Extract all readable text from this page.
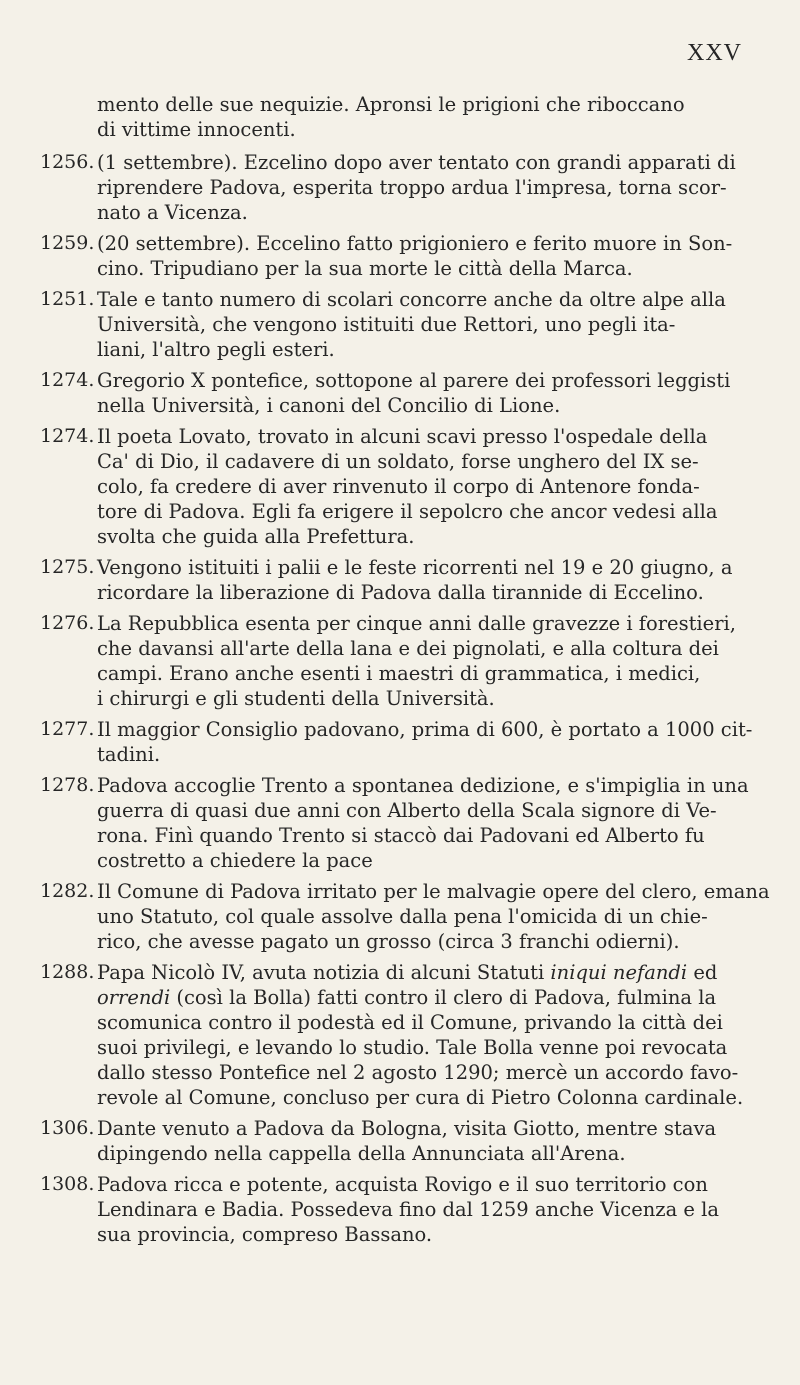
XXV

mento delle sue nequizie. Apronsi le prigioni che riboccano

di vittime innocenti.

1256. (1 settembre). Ezcelino dopo aver tentato con grandi apparati di
riprendere Padova, esperita troppo ardua l'impresa, torna scor-
nato a Vicenza.
1259. (20 settembre). Eccelino fatto prigioniero e ferito muore in Son-
cino. Tripudiano per la sua morte le città della Marca.
1251. Tale e tanto numero di scolari concorre anche da oltre alpe alla
Università, che vengono istituiti due Rettori, uno pegli ita-
liani, l'altro pegli esteri.
1274. Gregorio X pontefice, sottopone al parere dei professori leggisti
nella Università, i canoni del Concilio di Lione.
1274. Il poeta Lovato, trovato in alcuni scavi presso l'ospedale della
Ca' di Dio, il cadavere di un soldato, forse unghero del IX se-
colo, fa credere di aver rinvenuto il corpo di Antenore fonda-
tore di Padova. Egli fa erigere il sepolcro che ancor vedesi alla
svolta che guida alla Prefettura.
1275. Vengono istituiti i palii e le feste ricorrenti nel 19 e 20 giugno, a
ricordare la liberazione di Padova dalla tirannide di Eccelino.
1276. La Repubblica esenta per cinque anni dalle gravezze i forestieri,
che davansi all'arte della lana e dei pignolati, e alla coltura dei
campi. Erano anche esenti i maestri di grammatica, i medici,
i chirurgi e gli studenti della Università.
1277. Il maggior Consiglio padovano, prima di 600, è portato a 1000 cit-
tadini.
1278. Padova accoglie Trento a spontanea dedizione, e s'impiglia in una
guerra di quasi due anni con Alberto della Scala signore di Ve-
rona. Finì quando Trento si staccò dai Padovani ed Alberto fu
costretto a chiedere la pace
1282. Il Comune di Padova irritato per le malvagie opere del clero, emana
uno Statuto, col quale assolve dalla pena l'omicida di un chie-
rico, che avesse pagato un grosso (circa 3 franchi odierni).
1288. Papa Nicolò IV, avuta notizia di alcuni Statuti iniqui nefandi ed
orrendi (così la Bolla) fatti contro il clero di Padova, fulmina la
scomunica contro il podestà ed il Comune, privando la città dei
suoi privilegi, e levando lo studio. Tale Bolla venne poi revocata
dallo stesso Pontefice nel 2 agosto 1290; mercè un accordo favo-
revole al Comune, concluso per cura di Pietro Colonna cardinale.
1306. Dante venuto a Padova da Bologna, visita Giotto, mentre stava
dipingendo nella cappella della Annunciata all'Arena.
1308. Padova ricca e potente, acquista Rovigo e il suo territorio con
Lendinara e Badia. Possedeva fino dal 1259 anche Vicenza e la
sua provincia, compreso Bassano.
